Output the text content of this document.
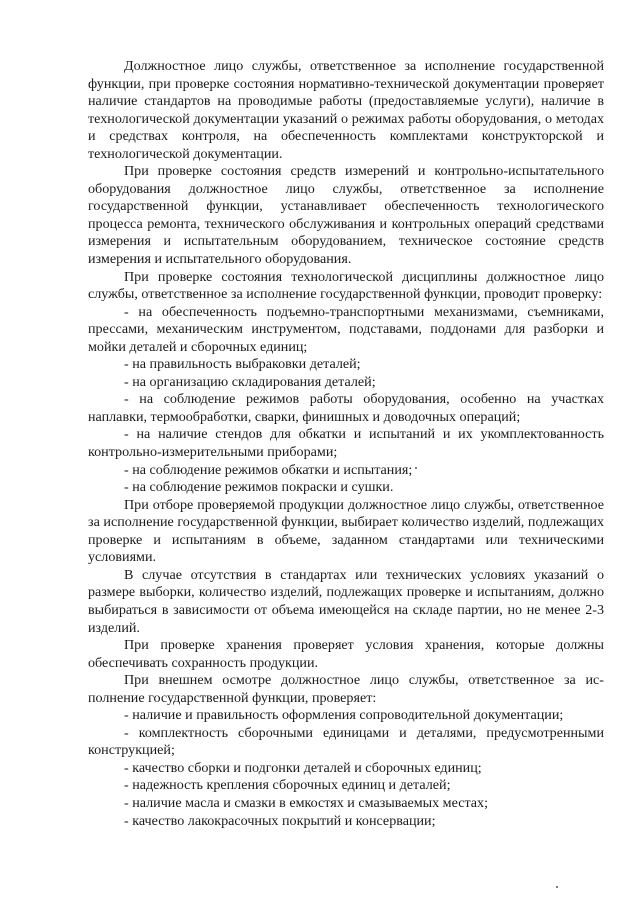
Должностное лицо службы, ответственное за исполнение государственной функции, при проверке состояния нормативно-технической документации проверяет наличие стандартов на проводимые работы (предоставляемые услуги), наличие в технологической документации указаний о режимах работы оборудования, о методах и средствах контроля, на обеспеченность комплектами конструкторской и технологической документации.

При проверке состояния средств измерений и контрольно-испытательного оборудования должностное лицо службы, ответственное за исполнение государственной функции, устанавливает обеспеченность технологического процесса ремонта, технического обслуживания и контрольных операций средствами измерения и испытательным оборудованием, техническое состояние средств измерения и испытательного оборудования.

При проверке состояния технологической дисциплины должностное лицо службы, ответственное за исполнение государственной функции, проводит проверку:

- на обеспеченность подъемно-транспортными механизмами, съемниками, прессами, механическим инструментом, подставами, поддонами для разборки и мойки деталей и сборочных единиц;

- на правильность выбраковки деталей;

- на организацию складирования деталей;

- на соблюдение режимов работы оборудования, особенно на участках наплавки, термообработки, сварки, финишных и доводочных операций;

- на наличие стендов для обкатки и испытаний и их укомплектованность контрольно-измерительными приборами;

- на соблюдение режимов обкатки и испытания;

- на соблюдение режимов покраски и сушки.

При отборе проверяемой продукции должностное лицо службы, ответственное за исполнение государственной функции, выбирает количество изделий, подлежащих проверке и испытаниям в объеме, заданном стандартами или техническими условиями.

В случае отсутствия в стандартах или технических условиях указаний о размере выборки, количество изделий, подлежащих проверке и испытаниям, должно выбираться в зависимости от объема имеющейся на складе партии, но не менее 2-3 изделий.

При проверке хранения проверяет условия хранения, которые должны обеспечивать сохранность продукции.

При внешнем осмотре должностное лицо службы, ответственное за исполнение государственной функции, проверяет:

- наличие и правильность оформления сопроводительной документации;

- комплектность сборочными единицами и деталями, предусмотренными конструкцией;

- качество сборки и подгонки деталей и сборочных единиц;

- надежность крепления сборочных единиц и деталей;

- наличие масла и смазки в емкостях и смазываемых местах;

- качество лакокрасочных покрытий и консервации;
